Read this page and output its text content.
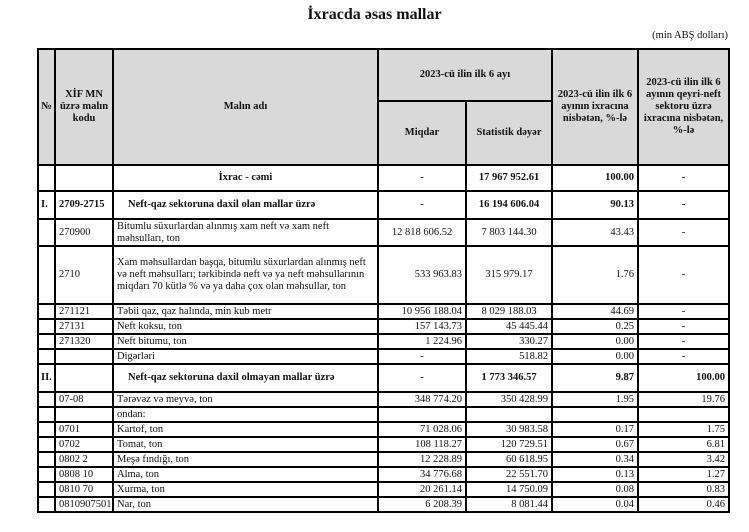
İxracda əsas mallar
(min ABŞ dolları)
№	XİF MN üzrə malın kodu	Malın adı	2023-cü ilin ilk 6 ayı		2023-cü ilin ilk 6 ayının ixracına nisbətən, %-lə	2023-cü ilin ilk 6 ayının qeyri-neft sektoru üzrə ixracına nisbətən, %-lə
			Miqdar	Statistik dəyər		
		İxrac - cəmi	-	17 967 952.61	100.00	-
I.	2709-2715	Neft-qaz sektoruna daxil olan mallar üzrə	-	16 194 606.04	90.13	-
	270900	Bitumlu süxurlardan alınmış xam neft və xam neft məhsulları, ton	12 818 606.52	7 803 144.30	43.43	-
	2710	Xam məhsullardan başqa, bitumlu süxurlardan alınmış neft və neft məhsulları; tərkibində neft və ya neft məhsullarının miqdarı 70 kütlə % və ya daha çox olan məhsullar, ton	533 963.83	315 979.17	1.76	-
	271121	Təbii qaz, qaz halında, min kub metr	10 956 188.04	8 029 188.03	44.69	-
	27131	Neft koksu, ton	157 143.73	45 445.44	0.25	-
	271320	Neft bitumu, ton	1 224.96	330.27	0.00	-
		Digərləri	-	518.82	0.00	-
II.		Neft-qaz sektoruna daxil olmayan mallar üzrə	-	1 773 346.57	9.87	100.00
	07-08	Tərəvəz və meyvə, ton	348 774.20	350 428.99	1.95	19.76
		ondan:				
	0701	Kartof, ton	71 028.06	30 983.58	0.17	1.75
	0702	Tomat, ton	108 118.27	120 729.51	0.67	6.81
	0802 2	Meşə fındığı, ton	12 228.89	60 618.95	0.34	3.42
	0808 10	Alma, ton	34 776.68	22 551.70	0.13	1.27
	0810 70	Xurma, ton	20 261.14	14 750.09	0.08	0.83
	0810907501	Nar, ton	6 208.39	8 081.44	0.04	0.46
